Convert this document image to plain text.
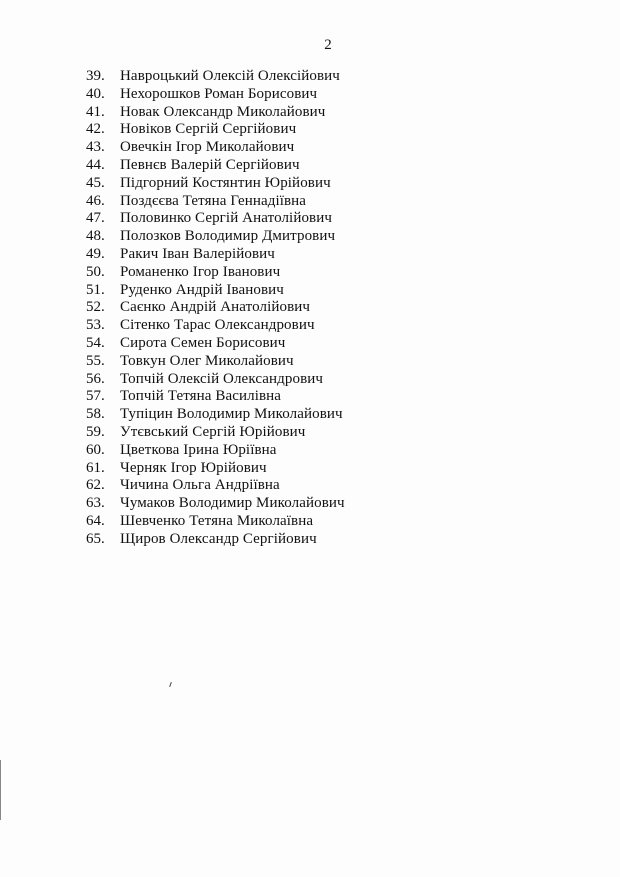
2
39.	Навроцький Олексій Олексійович
40.	Нехорошков Роман Борисович
41.	Новак Олександр Миколайович
42.	Новіков Сергій Сергійович
43.	Овечкін Ігор Миколайович
44.	Певнєв Валерій Сергійович
45.	Підгорний Костянтин Юрійович
46.	Поздєєва Тетяна Геннадіївна
47.	Половинко Сергій Анатолійович
48.	Полозков Володимир Дмитрович
49.	Ракич Іван Валерійович
50.	Романенко Ігор Іванович
51.	Руденко Андрій Іванович
52.	Саєнко Андрій Анатолійович
53.	Сітенко Тарас Олександрович
54.	Сирота Семен Борисович
55.	Товкун Олег Миколайович
56.	Топчій Олексій Олександрович
57.	Топчій Тетяна Василівна
58.	Тупіцин Володимир Миколайович
59.	Утєвський Сергій Юрійович
60.	Цветкова Ірина Юріївна
61.	Черняк Ігор Юрійович
62.	Чичина Ольга Андріївна
63.	Чумаков Володимир Миколайович
64.	Шевченко Тетяна Миколаївна
65.	Щиров Олександр Сергійович
